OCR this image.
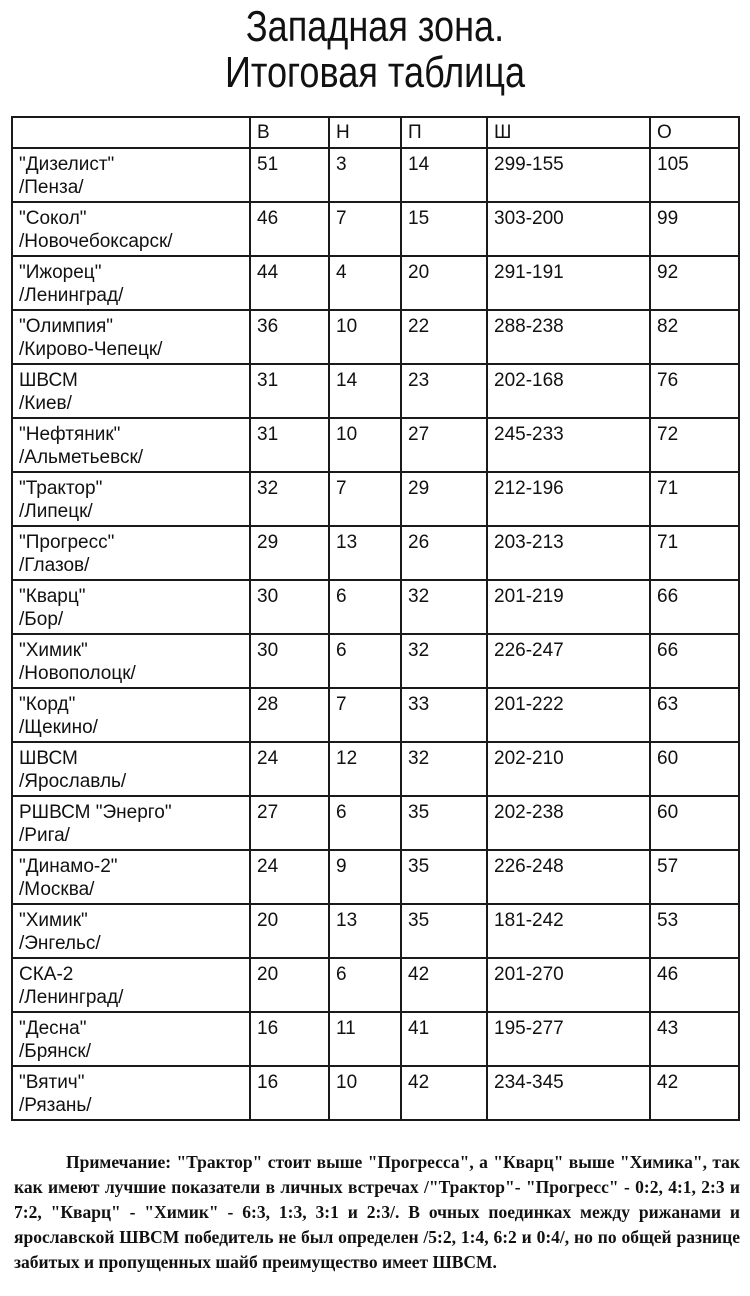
Западная зона.
Итоговая таблица
	В	Н	П	Ш	О

"Дизелист"
/Пенза/	51	3	14	299-155	105

"Сокол"
/Новочебоксарск/	46	7	15	303-200	99

"Ижорец"
/Ленинград/	44	4	20	291-191	92

"Олимпия"
/Кирово-Чепецк/	36	10	22	288-238	82

ШВСМ
/Киев/	31	14	23	202-168	76

"Нефтяник"
/Альметьевск/	31	10	27	245-233	72

"Трактор"
/Липецк/	32	7	29	212-196	71

"Прогресс"
/Глазов/	29	13	26	203-213	71

"Кварц"
/Бор/	30	6	32	201-219	66

"Химик"
/Новополоцк/	30	6	32	226-247	66

"Корд"
/Щекино/	28	7	33	201-222	63

ШВСМ
/Ярославль/	24	12	32	202-210	60

РШВСМ "Энерго"
/Рига/	27	6	35	202-238	60

"Динамо-2"
/Москва/	24	9	35	226-248	57

"Химик"
/Энгельс/	20	13	35	181-242	53

СКА-2
/Ленинград/	20	6	42	201-270	46

"Десна"
/Брянск/	16	11	41	195-277	43

"Вятич"
/Рязань/	16	10	42	234-345	42

Примечание: "Трактор" стоит выше "Прогресса", а "Кварц" выше "Химика", так как имеют лучшие показатели в личных встречах /"Трактор"- "Прогресс" - 0:2, 4:1, 2:3 и 7:2, "Кварц" - "Химик" - 6:3, 1:3, 3:1 и 2:3/. В очных поединках между рижанами и ярославской ШВСМ победитель не был определен /5:2, 1:4, 6:2 и 0:4/, но по общей разнице забитых и пропущенных шайб преимущество имеет ШВСМ.
